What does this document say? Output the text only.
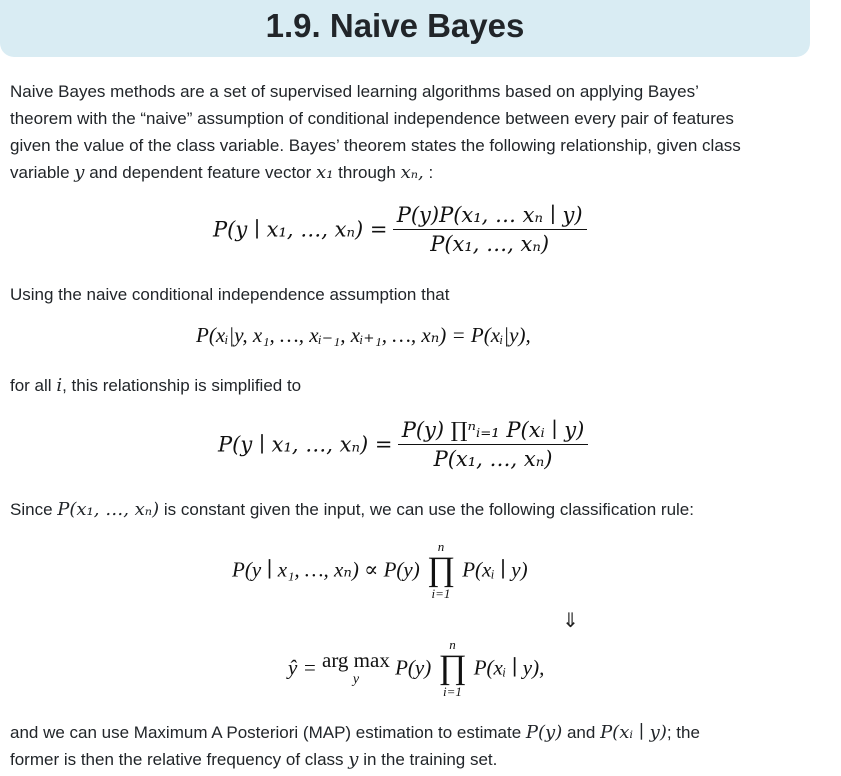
1.9. Naive Bayes
Naive Bayes methods are a set of supervised learning algorithms based on applying Bayes’
theorem with the “naive” assumption of conditional independence between every pair of features
given the value of the class variable. Bayes’ theorem states the following relationship, given class
variable y and dependent feature vector x₁ through xₙ, :
P(y ∣ x₁, …, $x_n) = \frac{\text{P(y)P(x₁, … xₙ ∣ y)}}{\text{P(x₁, …, xₙ)}}$
Using the naive conditional independence assumption that
P(xᵢ|y, x₁, …, xᵢ₋₁, xᵢ₊₁, …, xₙ) = P(xᵢ|y),
for all i, this relationship is simplified to
P(y ∣ x₁, …, $x_n) = \frac{\text{P(y) ∏ⁿᵢ₌₁ P(xᵢ ∣ y)}}{\text{P(x₁, …, xₙ)}}$
Since P(x₁, …, xₙ) is constant given the input, we can use the following classification rule:
P(y ∣ x₁, …, xₙ) ∝ P(y)
n
∏
i=1
P(xᵢ ∣ y)
⇓
ŷ = arg max
y	P(y)
n
∏
i=1
P(xᵢ ∣ y),
and we can use Maximum A Posteriori (MAP) estimation to estimate P(y) and P(xᵢ ∣ y); the
former is then the relative frequency of class y in the training set.
